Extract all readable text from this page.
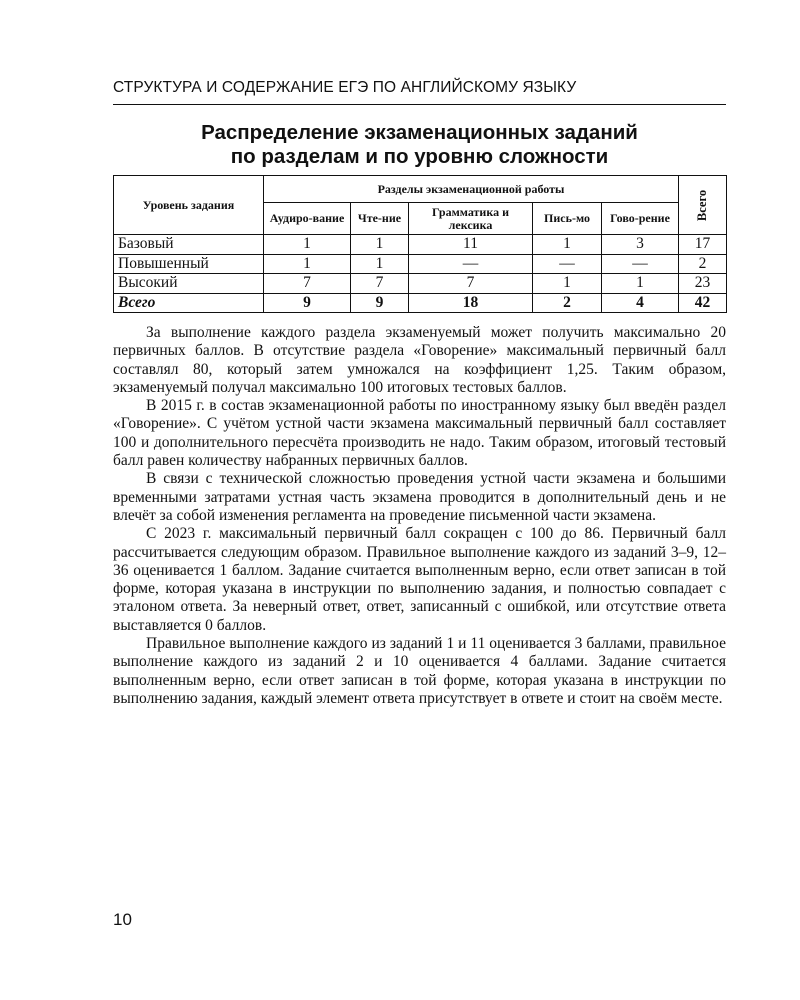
СТРУКТУРА И СОДЕРЖАНИЕ ЕГЭ ПО АНГЛИЙСКОМУ ЯЗЫКУ
Распределение экзаменационных заданий
по разделам и по уровню сложности
Уровень задания	Разделы экзаменационной работы					Всего
	Аудиро-вание	Чте-ние	Грамматика и лексика	Пись-мо	Гово-рение	
Базовый	1	1	11	1	3	17
Повышенный	1	1	—	—	—	2
Высокий	7	7	7	1	1	23
Всего	9	9	18	2	4	42

За выполнение каждого раздела экзаменуемый может получить максимально 20 первичных баллов. В отсутствие раздела «Говорение» максимальный первичный балл составлял 80, который затем умножался на коэффициент 1,25. Таким образом, экзаменуемый получал максимально 100 итоговых тестовых баллов.

В 2015 г. в состав экзаменационной работы по иностранному языку был введён раздел «Говорение». С учётом устной части экзамена максимальный первичный балл составляет 100 и дополнительного пересчёта производить не надо. Таким образом, итоговый тестовый балл равен количеству набранных первичных баллов.

В связи с технической сложностью проведения устной части экзамена и большими временными затратами устная часть экзамена проводится в дополнительный день и не влечёт за собой изменения регламента на проведение письменной части экзамена.

С 2023 г. максимальный первичный балл сокращен с 100 до 86. Первичный балл рассчитывается следующим образом. Правильное выполнение каждого из заданий 3–9, 12–36 оценивается 1 баллом. Задание считается выполненным верно, если ответ записан в той форме, которая указана в инструкции по выполнению задания, и полностью совпадает с эталоном ответа. За неверный ответ, ответ, записанный с ошибкой, или отсутствие ответа выставляется 0 баллов.

Правильное выполнение каждого из заданий 1 и 11 оценивается 3 баллами, правильное выполнение каждого из заданий 2 и 10 оценивается 4 баллами. Задание считается выполненным верно, если ответ записан в той форме, которая указана в инструкции по выполнению задания, каждый элемент ответа присутствует в ответе и стоит на своём месте.

10
